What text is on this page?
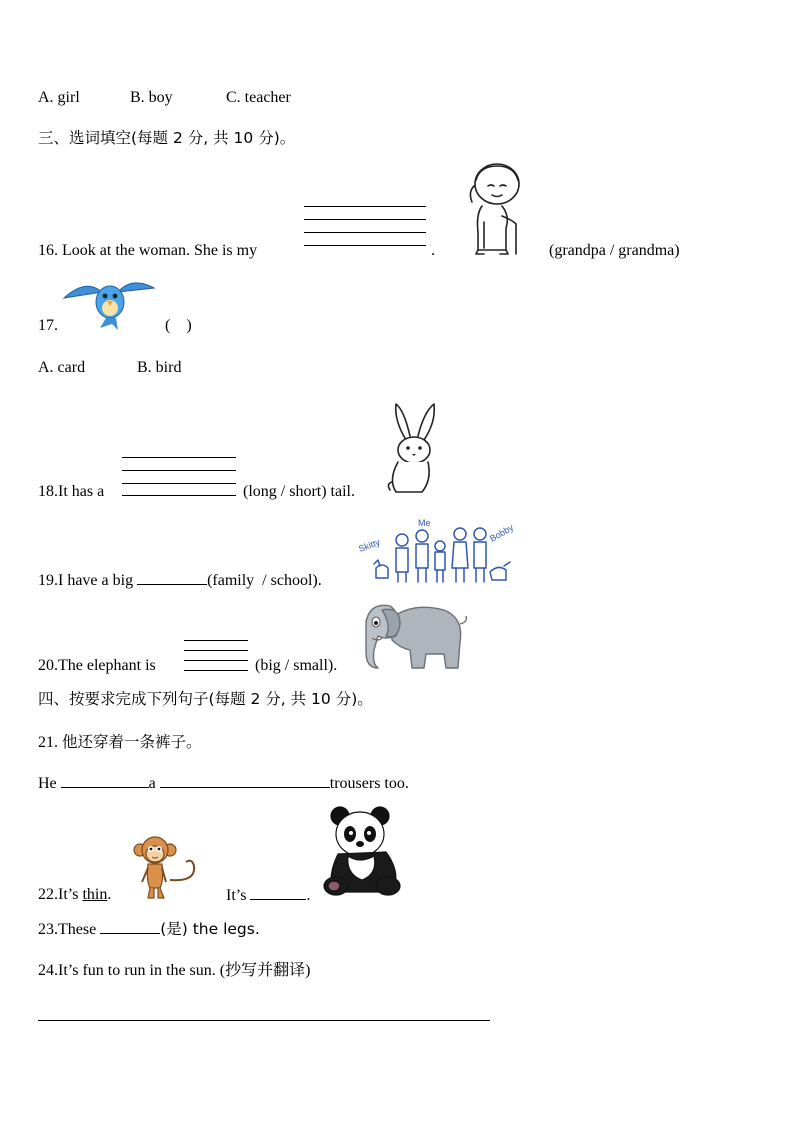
A. girl	B. boy	C. teacher
三、选词填空(每题 2 分, 共 10 分)。
16. Look at the woman. She is my	.	(grandpa / grandma)
17.	(    )
A. card	B. bird
18.It has a	(long / short) tail.
19.I have a big	(family  / school).
Skitty
Me	Bobby
20.The elephant is	(big / small).
四、按要求完成下列句子(每题 2 分, 共 10 分)。
21. 他还穿着一条裤子。
He	a	trousers too.
22.It’s thin.	It’s	.
23.These	(是) the legs.
24.It’s fun to run in the sun. (抄写并翻译)
